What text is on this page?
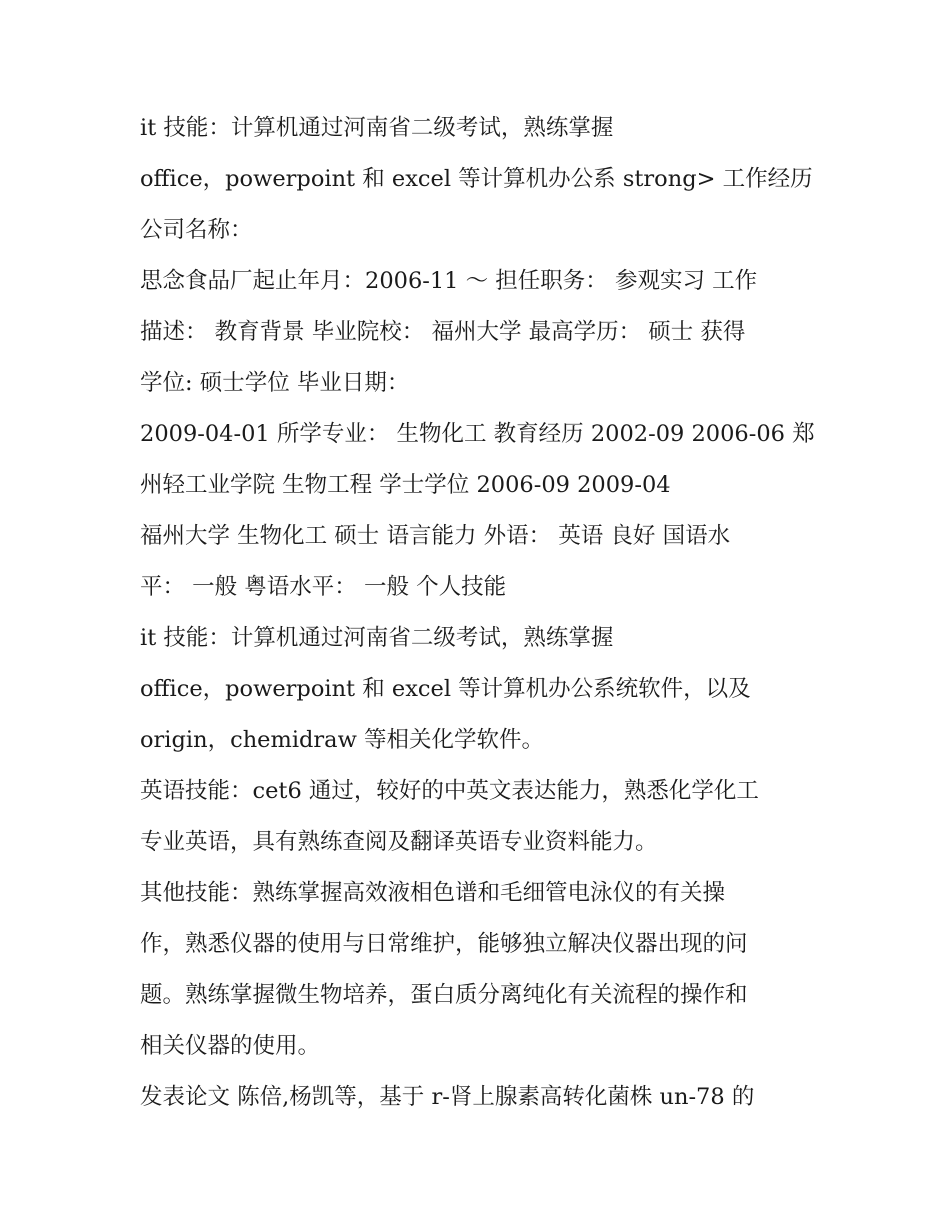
it 技能：计算机通过河南省二级考试，熟练掌握
office，powerpoint 和 excel 等计算机办公系 strong> 工作经历
公司名称：
思念食品厂起止年月：2006-11 ～ 担任职务： 参观实习 工作
描述： 教育背景 毕业院校： 福州大学 最高学历： 硕士 获得
学位: 硕士学位 毕业日期：
2009-04-01 所学专业： 生物化工 教育经历 2002-09 2006-06 郑
州轻工业学院 生物工程 学士学位 2006-09 2009-04
福州大学 生物化工 硕士 语言能力 外语： 英语 良好 国语水
平： 一般 粤语水平： 一般 个人技能
it 技能：计算机通过河南省二级考试，熟练掌握
office，powerpoint 和 excel 等计算机办公系统软件，以及
origin，chemidraw 等相关化学软件。
英语技能：cet6 通过，较好的中英文表达能力，熟悉化学化工
专业英语，具有熟练查阅及翻译英语专业资料能力。
其他技能：熟练掌握高效液相色谱和毛细管电泳仪的有关操
作，熟悉仪器的使用与日常维护，能够独立解决仪器出现的问
题。熟练掌握微生物培养，蛋白质分离纯化有关流程的操作和
相关仪器的使用。
发表论文 陈倍,杨凯等，基于 r-肾上腺素高转化菌株 un-78 的
